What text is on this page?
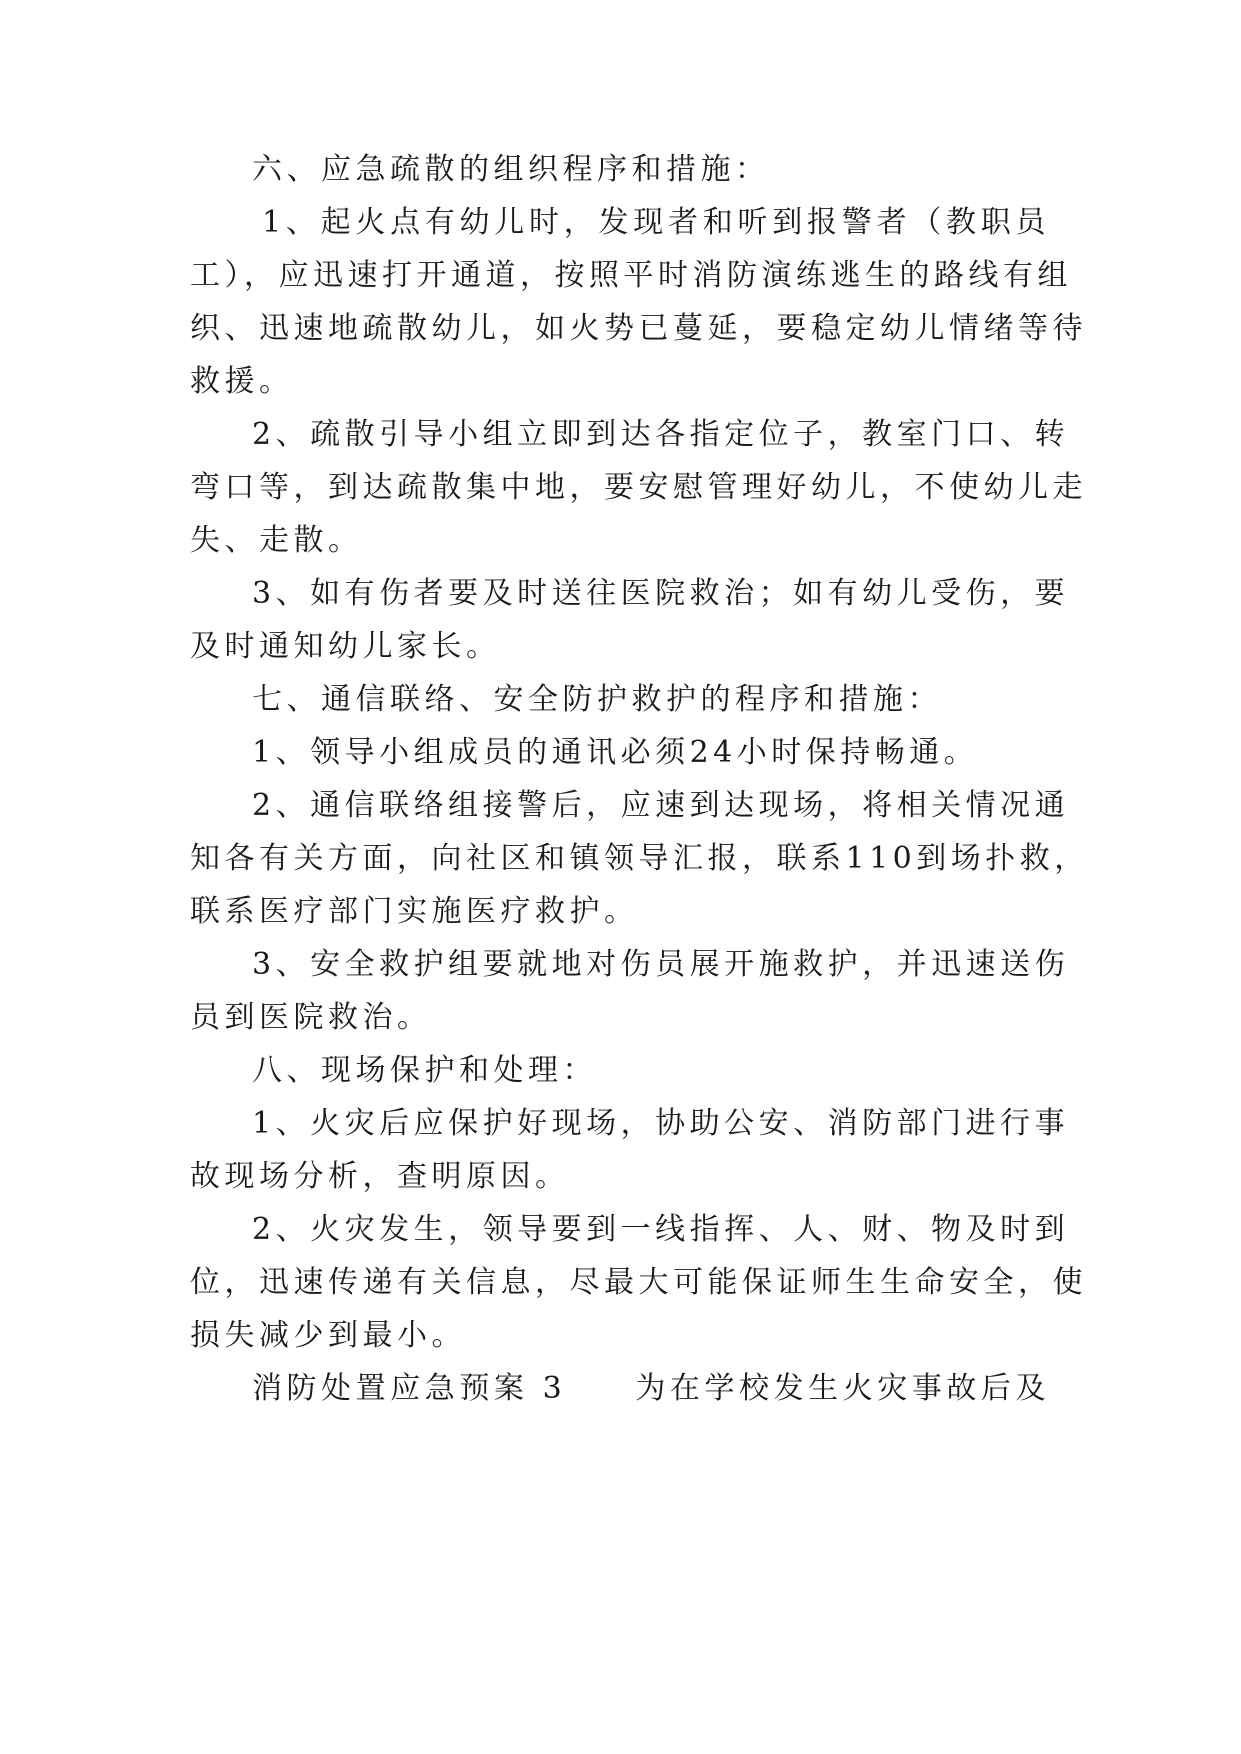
六、应急疏散的组织程序和措施：
1、起火点有幼儿时，发现者和听到报警者（教职员
工），应迅速打开通道，按照平时消防演练逃生的路线有组
织、迅速地疏散幼儿，如火势已蔓延，要稳定幼儿情绪等待
救援。
2、疏散引导小组立即到达各指定位子，教室门口、转
弯口等，到达疏散集中地，要安慰管理好幼儿，不使幼儿走
失、走散。
3、如有伤者要及时送往医院救治；如有幼儿受伤，要
及时通知幼儿家长。
七、通信联络、安全防护救护的程序和措施：
1、领导小组成员的通讯必须24小时保持畅通。
2、通信联络组接警后，应速到达现场，将相关情况通
知各有关方面，向社区和镇领导汇报，联系110到场扑救，
联系医疗部门实施医疗救护。
3、安全救护组要就地对伤员展开施救护，并迅速送伤
员到医院救治。
八、现场保护和处理：
1、火灾后应保护好现场，协助公安、消防部门进行事
故现场分析，查明原因。
2、火灾发生，领导要到一线指挥、人、财、物及时到
位，迅速传递有关信息，尽最大可能保证师生生命安全，使
损失减少到最小。
消防处置应急预案 3　　为在学校发生火灾事故后及
